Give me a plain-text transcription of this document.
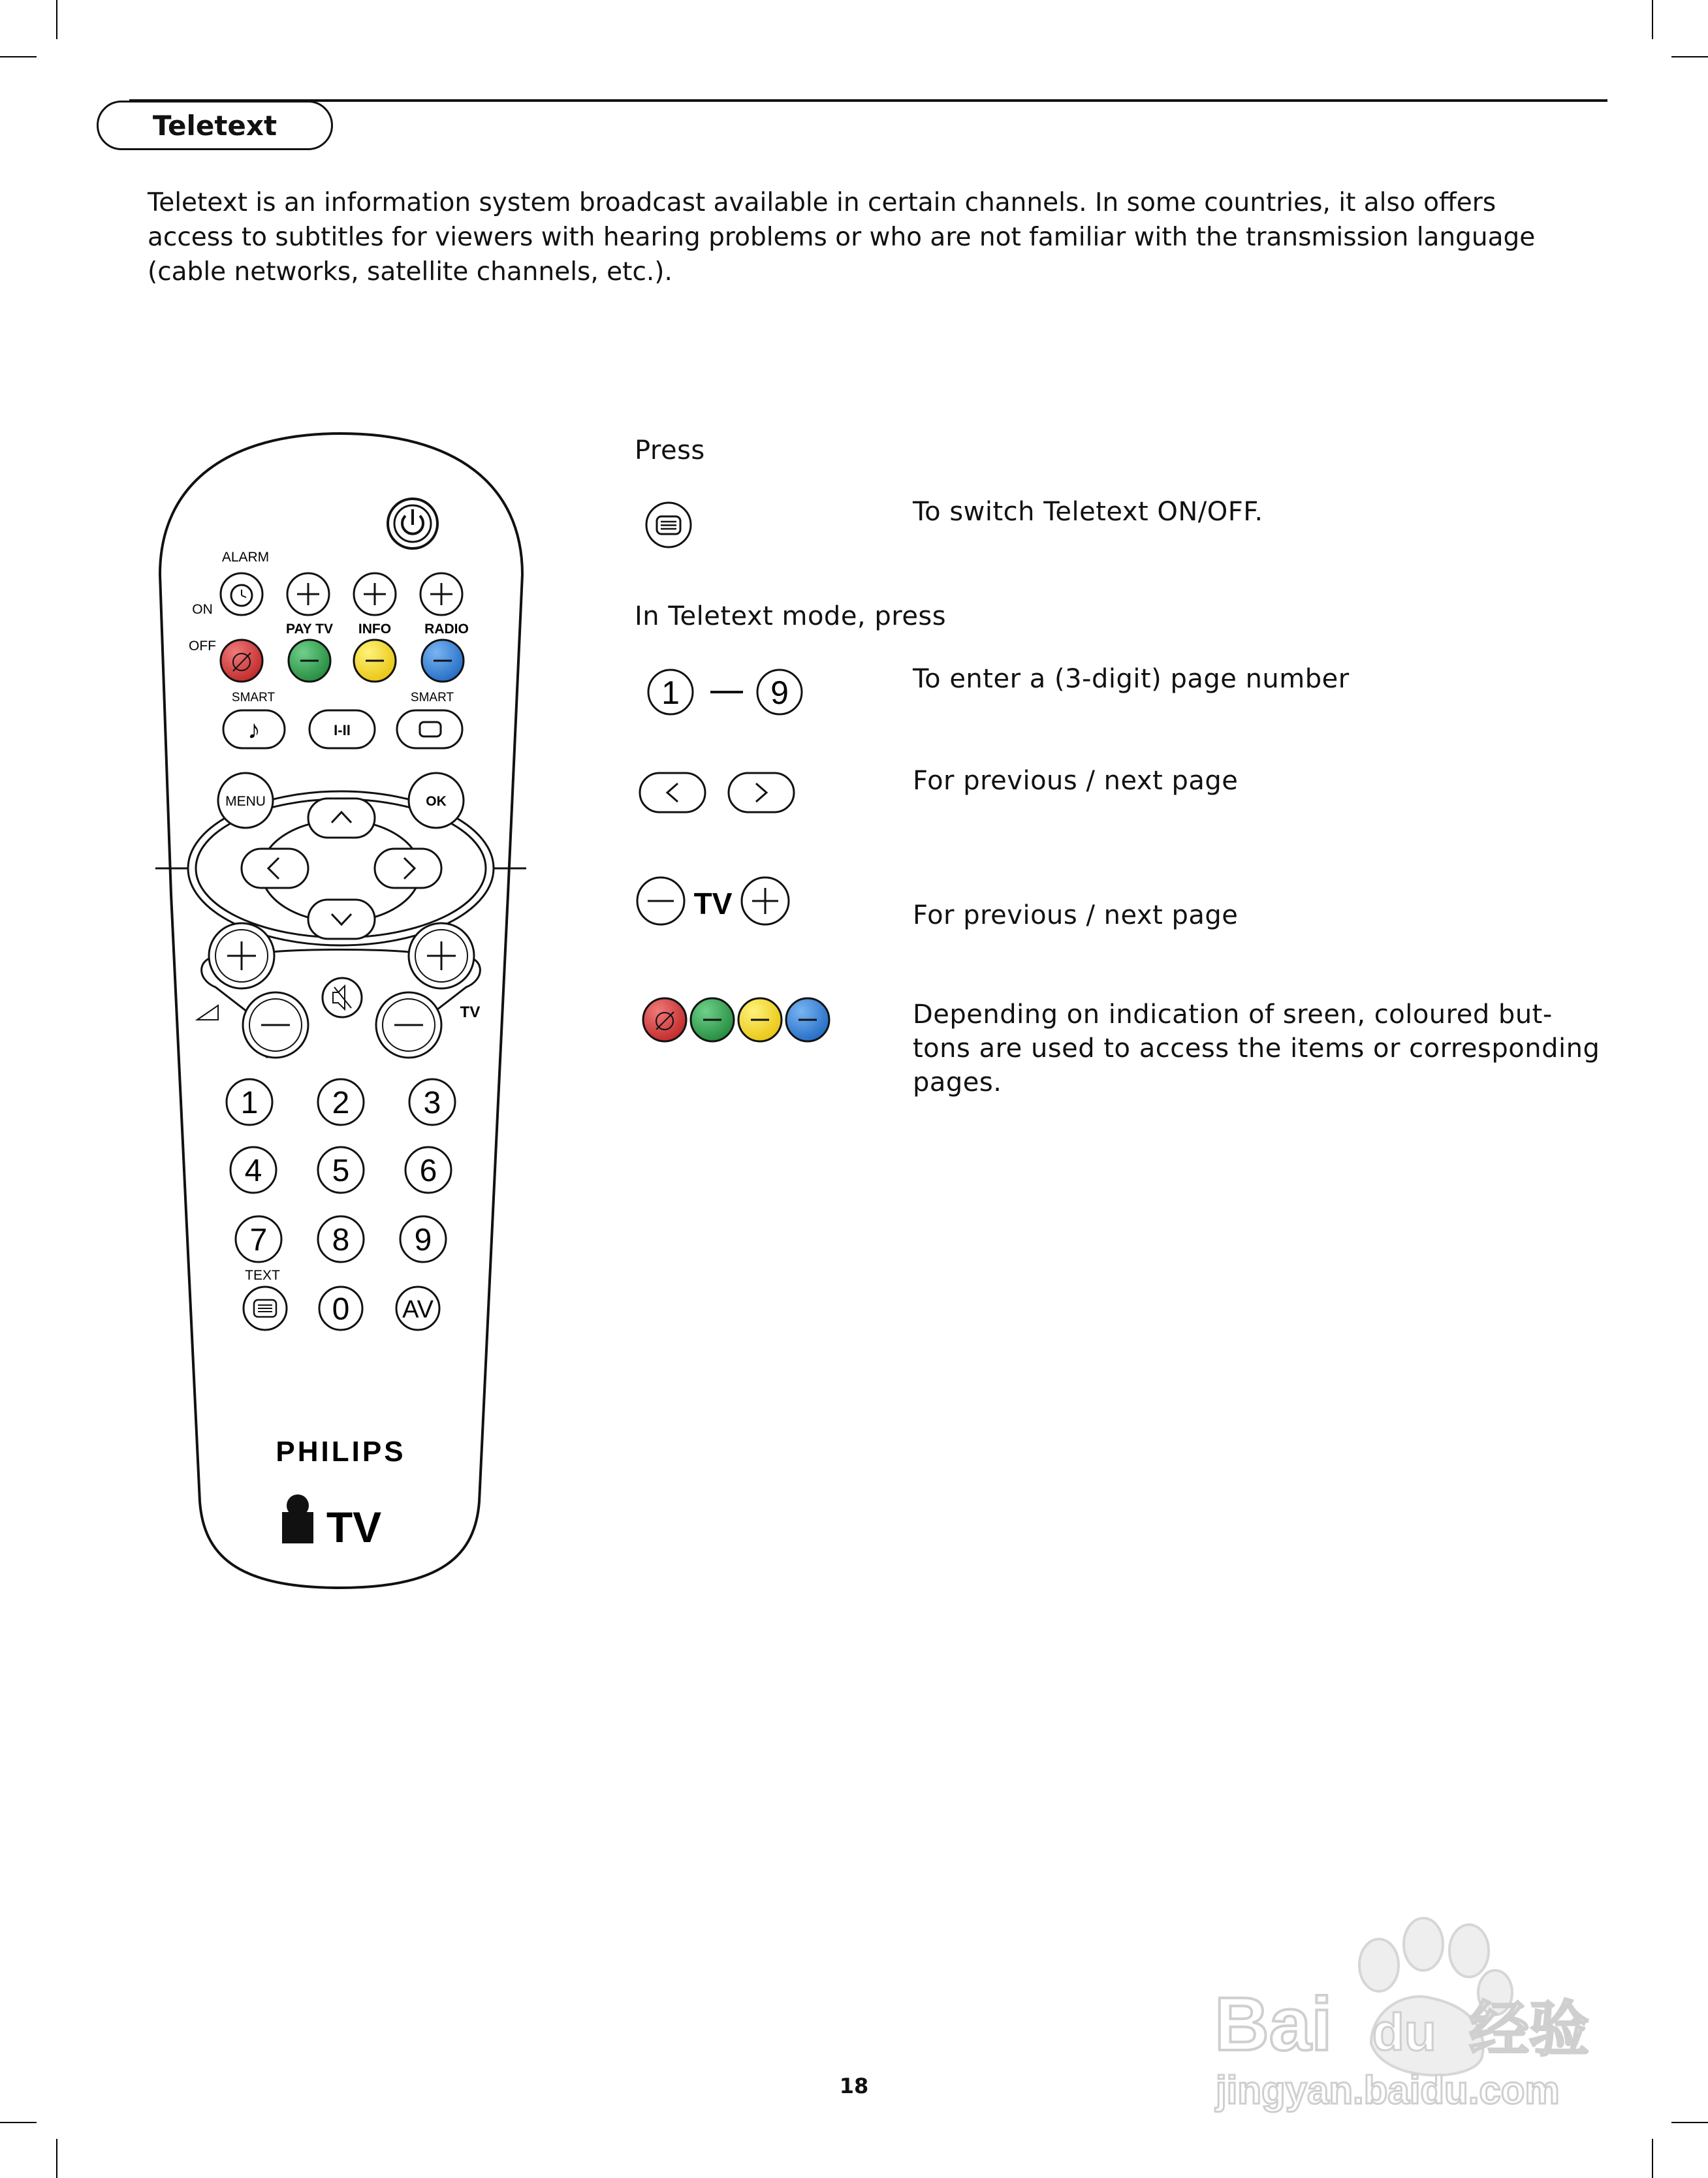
Teletext
Teletext is an information system broadcast available in certain channels. In some countries, it also offers access to subtitles for viewers with hearing problems or who are not familiar with the transmission language (cable networks, satellite channels, etc.).
ALARM
ON
OFF
PAY TV INFO RADIO
SMART	SMART
♪	I-II
MENU	OK
TV
1 2 3
4 5 6
7 8 9
TEXT
0 AV
PHILIPS
TV
Press
To switch Teletext ON/OFF.
In Teletext mode, press
1	9	To enter a (3-digit) page number
For previous / next page
TV	For previous / next page
Depending on indication of sreen, coloured but-
tons are used to access the items or corresponding
pages.
Bai du 经验
jingyan.baidu.com
18
